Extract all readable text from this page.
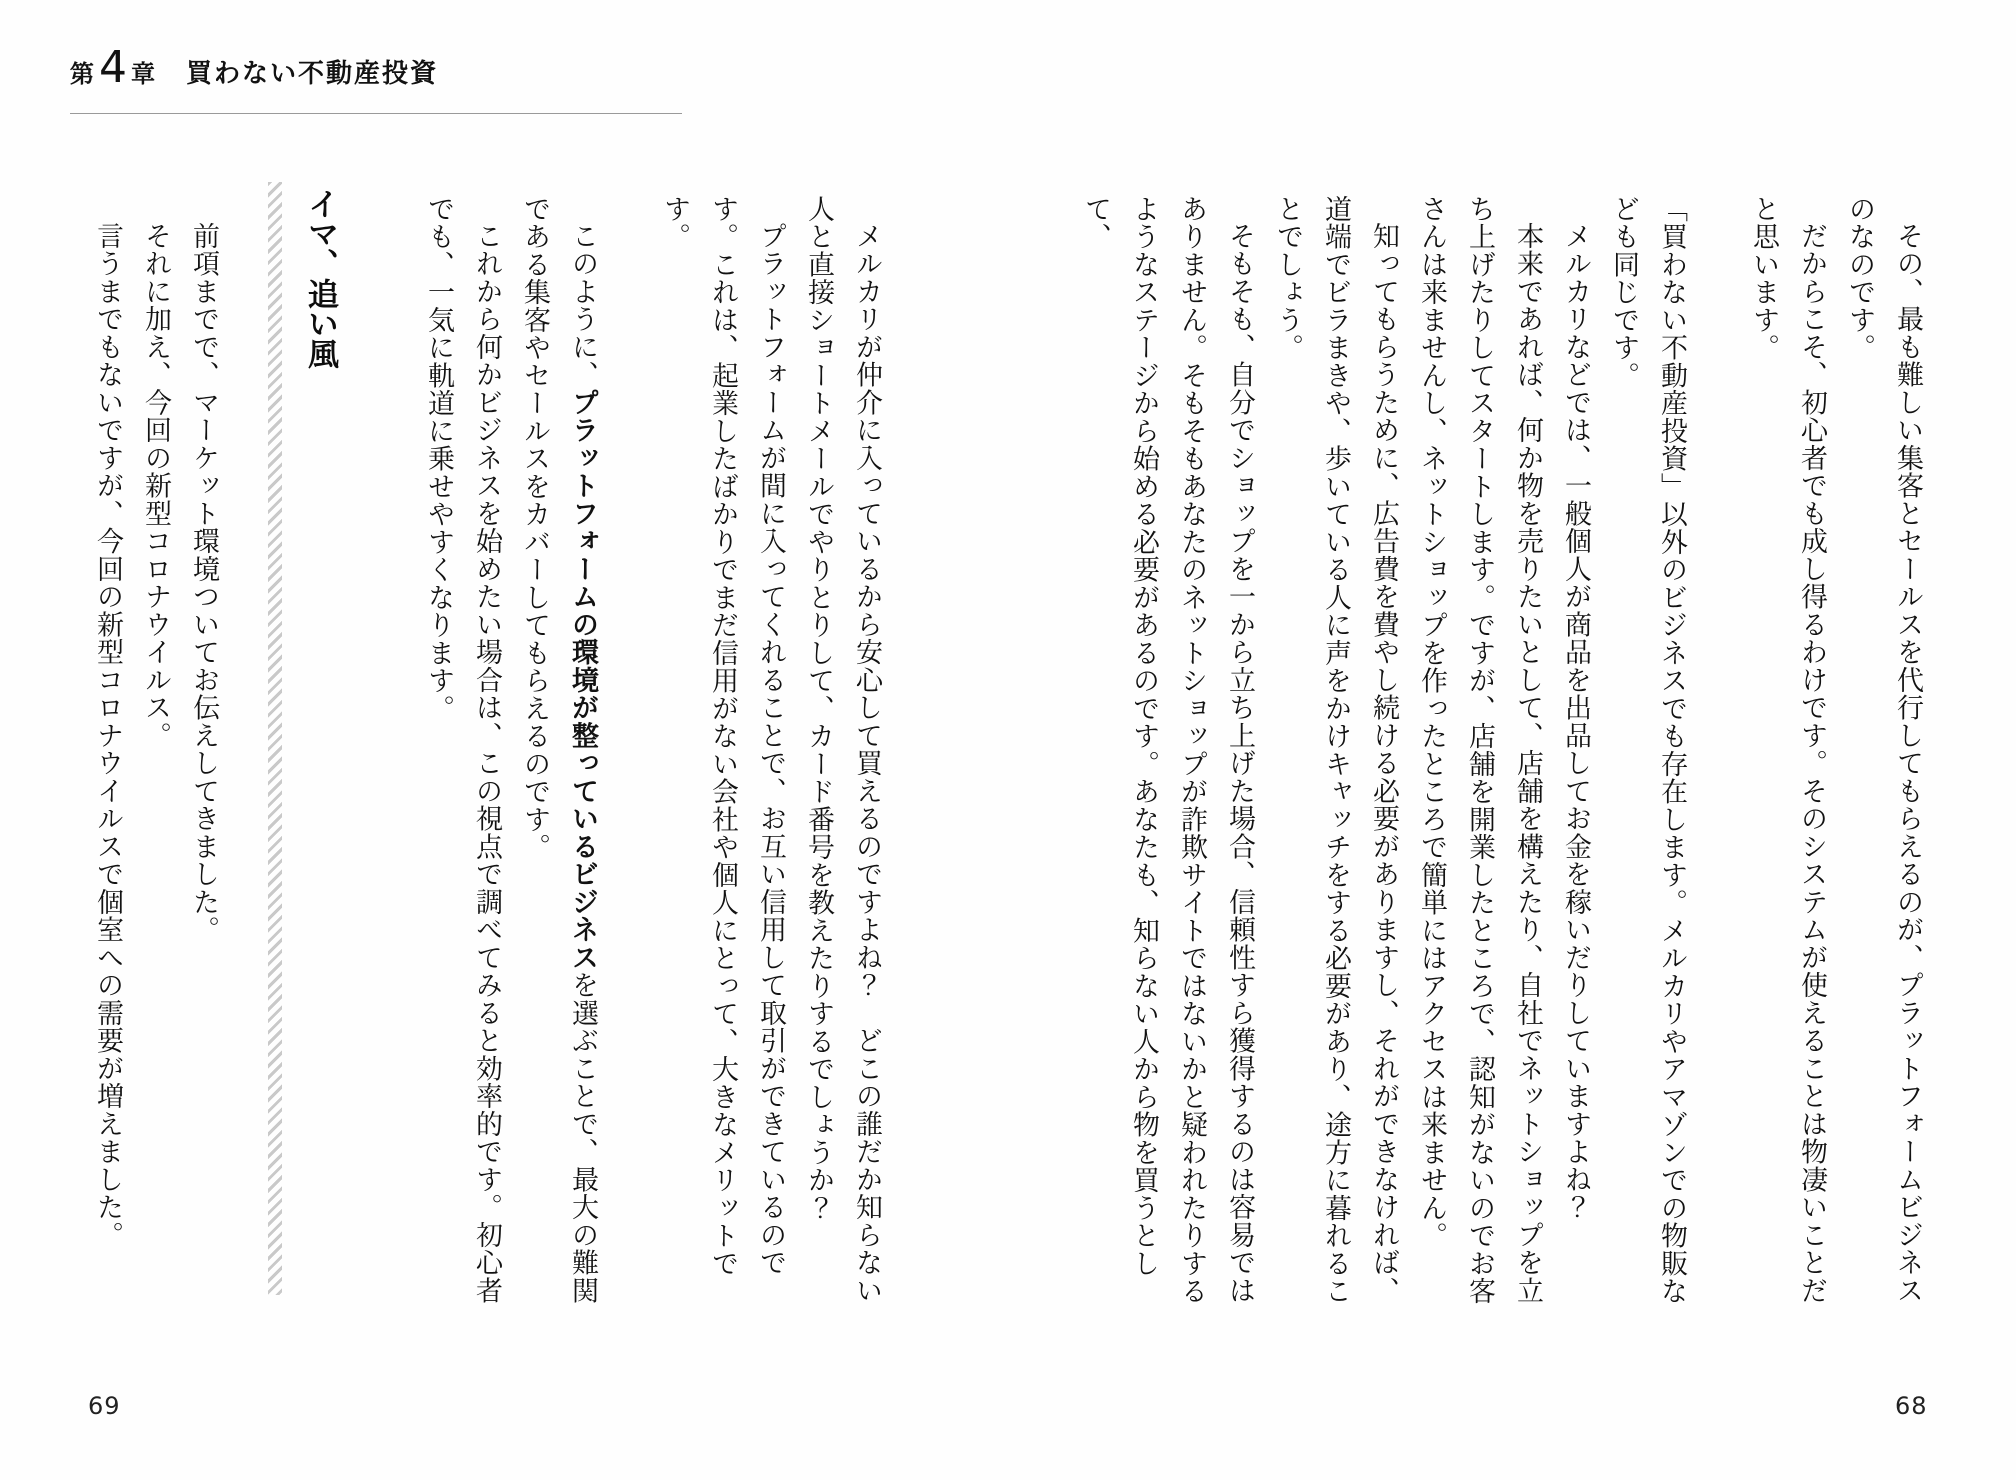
第 4 章 買わない不動産投資

その、最も難しい集客とセールスを代行してもらえるのが、プラットフォームビジネスのなのです。

だからこそ、初心者でも成し得るわけです。そのシステムが使えることは物凄いことだと思います。

「買わない不動産投資」以外のビジネスでも存在します。メルカリやアマゾンでの物販なども同じです。

メルカリなどでは、一般個人が商品を出品してお金を稼いだりしていますよね？

本来であれば、何か物を売りたいとして、店舗を構えたり、自社でネットショップを立ち上げたりしてスタートします。ですが、店舗を開業したところで、認知がないのでお客さんは来ませんし、ネットショップを作ったところで簡単にはアクセスは来ません。

知ってもらうために、広告費を費やし続ける必要がありますし、それができなければ、道端でビラまきや、歩いている人に声をかけキャッチをする必要があり、途方に暮れることでしょう。

そもそも、自分でショップを一から立ち上げた場合、信頼性すら獲得するのは容易ではありません。そもそもあなたのネットショップが詐欺サイトではないかと疑われたりするようなステージから始める必要があるのです。あなたも、知らない人から物を買うとして、

メルカリが仲介に入っているから安心して買えるのですよね？　どこの誰だか知らない人と直接ショートメールでやりとりして、カード番号を教えたりするでしょうか？

プラットフォームが間に入ってくれることで、お互い信用して取引ができているのです。これは、起業したばかりでまだ信用がない会社や個人にとって、大きなメリットです。

このように、プラットフォームの環境が整っているビジネスを選ぶことで、最大の難関である集客やセールスをカバーしてもらえるのです。

これから何かビジネスを始めたい場合は、この視点で調べてみると効率的です。初心者でも、一気に軌道に乗せやすくなります。

イマ、追い風

前項までで、マーケット環境ついてお伝えしてきました。

それに加え、今回の新型コロナウイルス。

言うまでもないですが、今回の新型コロナウイルスで個室への需要が増えました。

69	68
